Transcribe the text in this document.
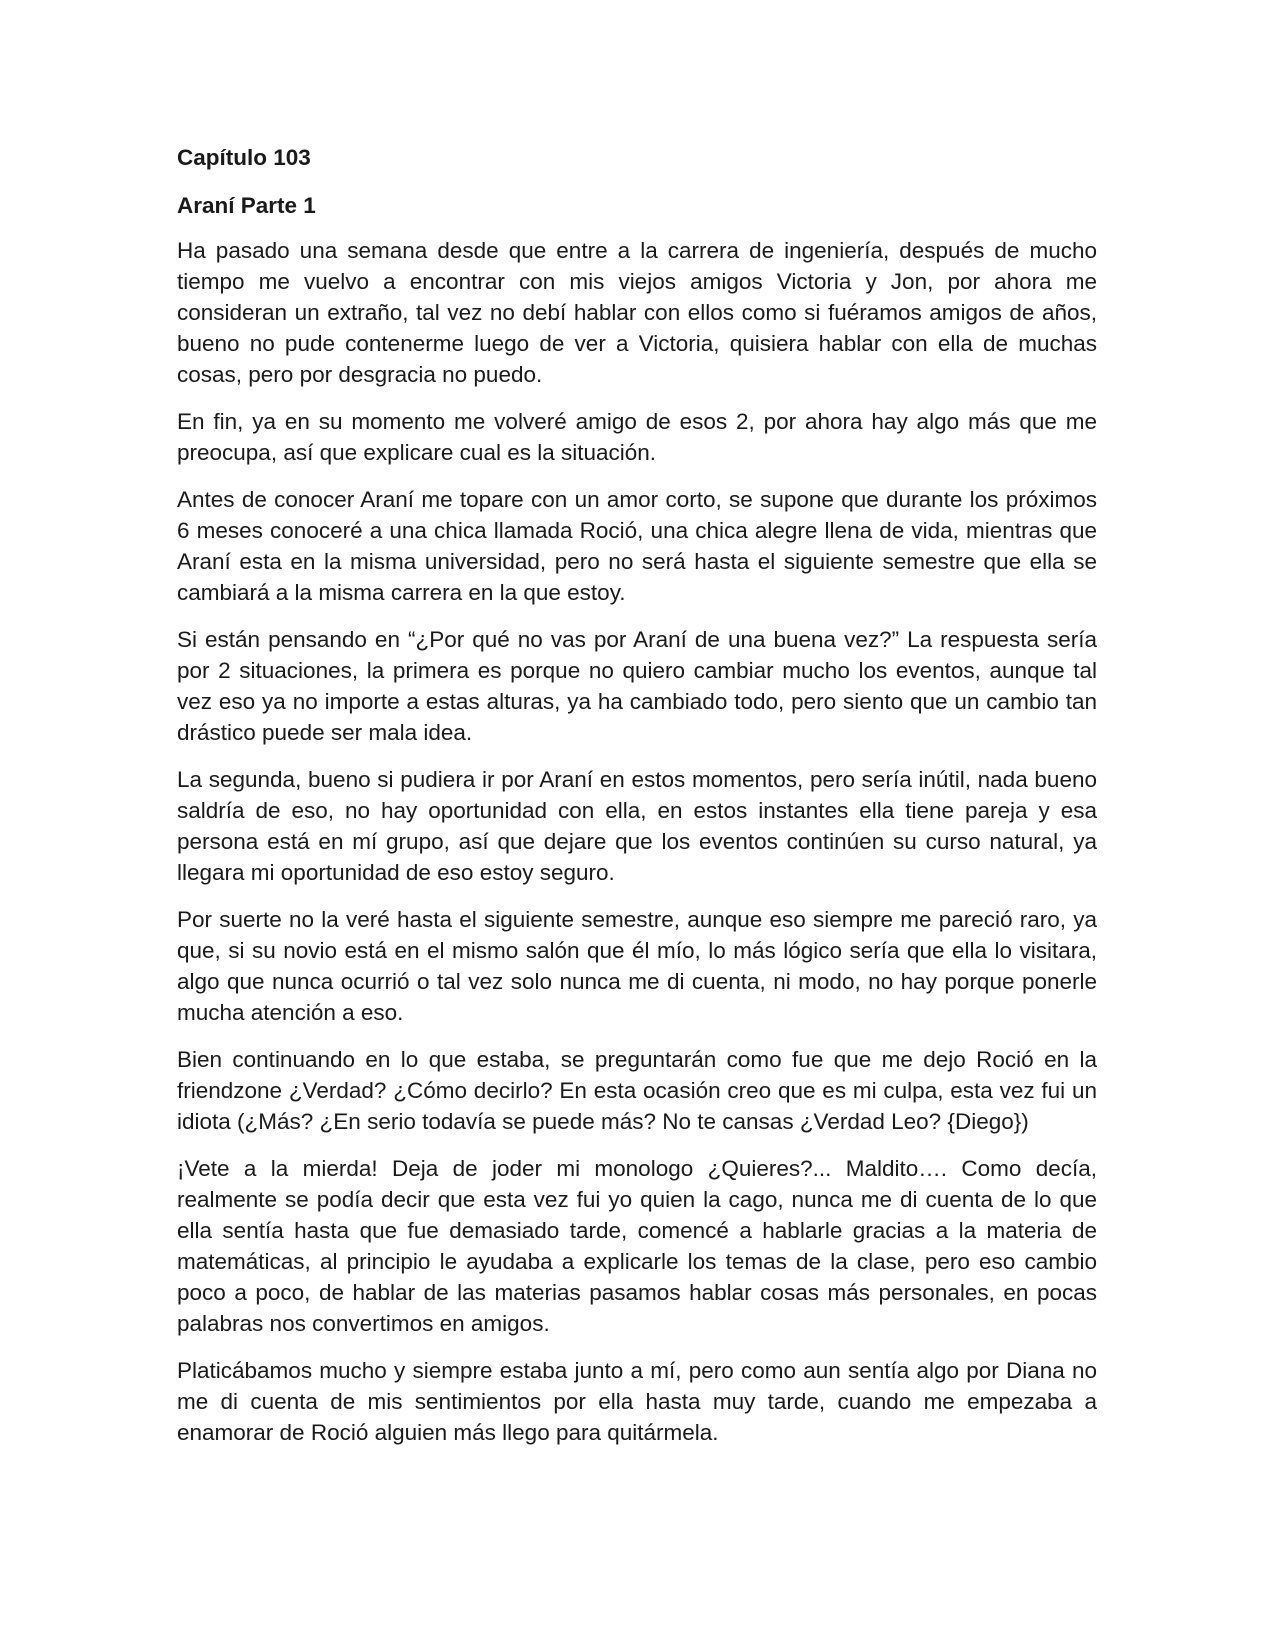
Capítulo 103
Araní Parte 1

Ha pasado una semana desde que entre a la carrera de ingeniería, después de mucho tiempo me vuelvo a encontrar con mis viejos amigos Victoria y Jon, por ahora me consideran un extraño, tal vez no debí hablar con ellos como si fuéramos amigos de años, bueno no pude contenerme luego de ver a Victoria, quisiera hablar con ella de muchas cosas, pero por desgracia no puedo.

En fin, ya en su momento me volveré amigo de esos 2, por ahora hay algo más que me preocupa, así que explicare cual es la situación.

Antes de conocer Araní me topare con un amor corto, se supone que durante los próximos 6 meses conoceré a una chica llamada Roció, una chica alegre llena de vida, mientras que Araní esta en la misma universidad, pero no será hasta el siguiente semestre que ella se cambiará a la misma carrera en la que estoy.

Si están pensando en “¿Por qué no vas por Araní de una buena vez?” La respuesta sería por 2 situaciones, la primera es porque no quiero cambiar mucho los eventos, aunque tal vez eso ya no importe a estas alturas, ya ha cambiado todo, pero siento que un cambio tan drástico puede ser mala idea.

La segunda, bueno si pudiera ir por Araní en estos momentos, pero sería inútil, nada bueno saldría de eso, no hay oportunidad con ella, en estos instantes ella tiene pareja y esa persona está en mí grupo, así que dejare que los eventos continúen su curso natural, ya llegara mi oportunidad de eso estoy seguro.

Por suerte no la veré hasta el siguiente semestre, aunque eso siempre me pareció raro, ya que, si su novio está en el mismo salón que él mío, lo más lógico sería que ella lo visitara, algo que nunca ocurrió o tal vez solo nunca me di cuenta, ni modo, no hay porque ponerle mucha atención a eso.

Bien continuando en lo que estaba, se preguntarán como fue que me dejo Roció en la friendzone ¿Verdad? ¿Cómo decirlo? En esta ocasión creo que es mi culpa, esta vez fui un idiota (¿Más? ¿En serio todavía se puede más? No te cansas ¿Verdad Leo? {Diego})

¡Vete a la mierda! Deja de joder mi monologo ¿Quieres?... Maldito…. Como decía, realmente se podía decir que esta vez fui yo quien la cago, nunca me di cuenta de lo que ella sentía hasta que fue demasiado tarde, comencé a hablarle gracias a la materia de matemáticas, al principio le ayudaba a explicarle los temas de la clase, pero eso cambio poco a poco, de hablar de las materias pasamos hablar cosas más personales, en pocas palabras nos convertimos en amigos.

Platicábamos mucho y siempre estaba junto a mí, pero como aun sentía algo por Diana no me di cuenta de mis sentimientos por ella hasta muy tarde, cuando me empezaba a enamorar de Roció alguien más llego para quitármela.
